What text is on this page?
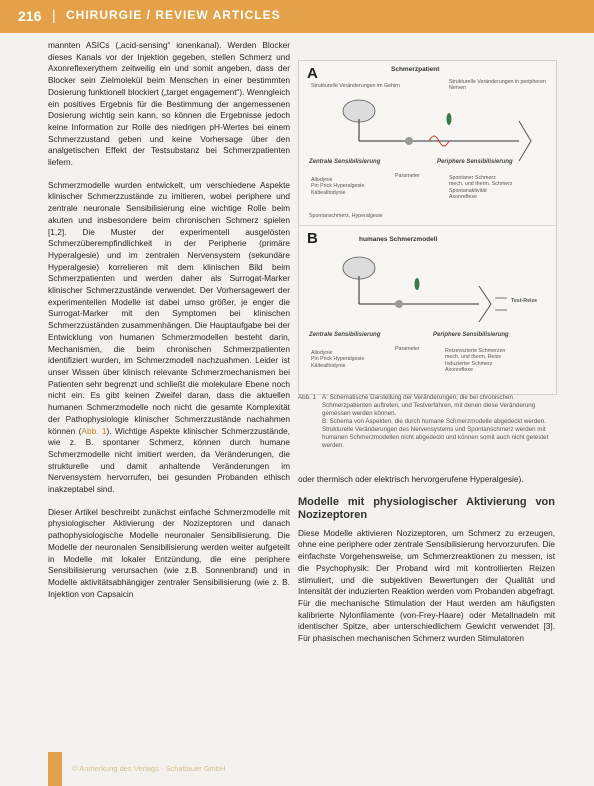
216 | CHIRURGIE / REVIEW ARTICLES

mannten ASICs („acid-sensing“ ionenkanal). Werden Blocker dieses Kanals vor der Injektion gegeben, stellen Schmerz und Axonreflexerythem zeitweilig ein und somit angeben, dass der Blocker sein Zielmolekül beim Menschen in einer bestimmten Dosierung funktionell blockiert („target engagement“). Wenngleich ein positives Ergebnis für die Bestimmung der angemessenen Dosierung wichtig sein kann, so können die Ergebnisse jedoch keine Information zur Rolle des niedrigen pH-Wertes bei einem Schmerzzustand geben und keine Vorhersage über den analgetischen Effekt der Testsubstanz bei Schmerzpatienten liefern.

Schmerzmodelle wurden entwickelt, um verschiedene Aspekte klinischer Schmerzzustände zu imitieren, wobei periphere und zentrale neuronale Sensibilisierung eine wichtige Rolle beim akuten und insbesondere beim chronischen Schmerz spielen [1,2]. Die Muster der experimentell ausgelösten Schmerzüberempfindlichkeit in der Peripherie (primäre Hyperalgesie) und im zentralen Nervensystem (sekundäre Hyperalgesie) korrelieren mit dem klinischen Bild beim Schmerzpatienten und werden daher als Surrogat-Marker klinischer Schmerzzustände verwendet. Der Vorhersagewert der experimentellen Modelle ist dabei umso größer, je enger die Surrogat-Marker mit den Symptomen bei klinischen Schmerzzuständen zusammenhängen. Die Hauptaufgabe bei der Entwicklung von humanen Schmerzmodellen besteht darin, Mechanismen, die beim chronischen Schmerzpatienten identifiziert wurden, im Schmerzmodell nachzuahmen. Leider ist unser Wissen über klinisch relevante Schmerzmechanismen bei Patienten sehr begrenzt und schließt die molekulare Ebene noch nicht ein. Es gibt keinen Zweifel daran, dass die aktuellen humanen Schmerzmodelle noch nicht die gesamte Komplexität der Pathophysiologie klinischer Schmerzzustände nachahmen können (Abb. 1). Wichtige Aspekte klinischer Schmerzzustände, wie z. B. spontaner Schmerz, können durch humane Schmerzmodelle nicht imitiert werden, da Veränderungen, die strukturelle und damit anhaltende Veränderungen im Nervensystem hervorrufen, bei gesunden Probanden ethisch inakzeptabel sind.

Dieser Artikel beschreibt zunächst einfache Schmerzmodelle mit physiologischer Aktivierung der Nozizeptoren und danach pathophysiologische Modelle neuronaler Sensibilisierung. Die Modelle der neuronalen Sensibilisierung werden weiter aufgeteilt in Modelle mit lokaler Entzündung, die eine periphere Sensibilisierung verursachen (wie z.B. Sonnenbrand) und in Modelle aktivitätsabhängiger zentraler Sensibilisierung (wie z. B. Injektion von Capsaicin

A	Schmerzpatient
Strukturelle Veränderungen im Gehirn
Strukturelle Veränderungen in peripheren Nerven
Zentrale Sensibilisierung	Periphere Sensibilisierung
Parameter
Allodynie
Pin Prick Hyperalgesie
Kältealltodynie
Spontaner Schmerz
mech. und therm. Schmerz
Spontanaktivität
Axonreflexe
Spontanschmerz, Hyperalgesie
B	humanes Schmerzmodell
Test-Reize
Zentrale Sensibilisierung	Periphere Sensibilisierung
Parameter
Allodynie
Pin Prick Hyperalgesie
Kältealltodynie
Reizevozierte Schmerzen
mech. und therm. Reize
Induzierter Schmerz
Axonreflexe
Abb. 1 A: Schematische Darstellung der Veränderungen, die bei chronischen Schmerzpatienten auftreten, und Testverfahren, mit denen diese Veränderung gemessen werden können.
B: Schema von Aspekten, die durch humane Schmerzmodelle abgedeckt werden. Strukturelle Veränderungen des Nervensystems und Spontanschmerz werden mit humanen Schmerzmodellen nicht abgedeckt und können somit auch nicht getestet werden.

oder thermisch oder elektrisch hervorgerufene Hyperalgesie).

Modelle mit physiologischer Aktivierung von Nozizeptoren

Diese Modelle aktivieren Nozizeptoren, um Schmerz zu erzeugen, ohne eine periphere oder zentrale Sensibilisierung hervorzurufen. Die einfachste Vorgehensweise, um Schmerzreaktionen zu messen, ist die Psychophysik: Der Proband wird mit kontrollierten Reizen stimuliert, und die subjektiven Bewertungen der Qualität und Intensität der induzierten Reaktion werden vom Probanden abgefragt. Für die mechanische Stimulation der Haut werden am häufigsten kalibrierte Nylonfilamente (von-Frey-Haare) oder Metallnadeln mit identischer Spitze, aber unterschiedlichem Gewicht verwendet [3]. Für phasischen mechanischen Schmerz wurden Stimulatoren

© Anmerkung des Verlags · Schattauer GmbH
